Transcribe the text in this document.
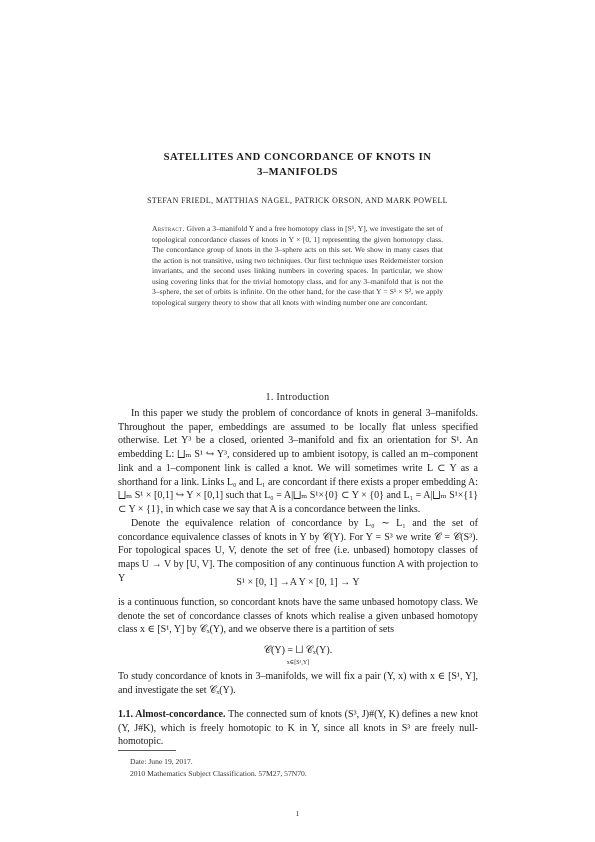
SATELLITES AND CONCORDANCE OF KNOTS IN
3–MANIFOLDS
STEFAN FRIEDL, MATTHIAS NAGEL, PATRICK ORSON, AND MARK POWELL
Abstract. Given a 3–manifold Y and a free homotopy class in [S¹, Y], we investigate the set of topological concordance classes of knots in Y × [0, 1] representing the given homotopy class. The concordance group of knots in the 3–sphere acts on this set. We show in many cases that the action is not transitive, using two techniques. Our first technique uses Reidemeister torsion invariants, and the second uses linking numbers in covering spaces. In particular, we show using covering links that for the trivial homotopy class, and for any 3–manifold that is not the 3–sphere, the set of orbits is infinite. On the other hand, for the case that Y = S¹ × S², we apply topological surgery theory to show that all knots with winding number one are concordant.
1. Introduction
In this paper we study the problem of concordance of knots in general 3–manifolds. Throughout the paper, embeddings are assumed to be locally flat unless specified otherwise. Let Y³ be a closed, oriented 3–manifold and fix an orientation for S¹. An embedding L: ⨆ₘ S¹ ↪ Y³, considered up to ambient isotopy, is called an m–component link and a 1–component link is called a knot. We will sometimes write L ⊂ Y as a shorthand for a link. Links L₀ and L₁ are concordant if there exists a proper embedding A: ⨆ₘ S¹ × [0,1] ↪ Y × [0,1] such that L₀ = A|⨆ₘ S¹×{0} ⊂ Y × {0} and L₁ = A|⨆ₘ S¹×{1} ⊂ Y × {1}, in which case we say that A is a concordance between the links.
Denote the equivalence relation of concordance by L₀ ∼ L₁ and the set of concordance equivalence classes of knots in Y by 𝒞(Y). For Y = S³ we write 𝒞 = 𝒞(S³). For topological spaces U, V, denote the set of free (i.e. unbased) homotopy classes of maps U → V by [U, V]. The composition of any continuous function A with projection to Y	S¹ × [0, 1] →A Y × [0, 1] → Y
is a continuous function, so concordant knots have the same unbased homotopy class. We denote the set of concordance classes of knots which realise a given unbased homotopy class x ∈ [S¹, Y] by 𝒞ₓ(Y), and we observe there is a partition of sets
𝒞(Y) = ⨆ 𝒞ₓ(Y).
x∈[S¹,Y]
To study concordance of knots in 3–manifolds, we will fix a pair (Y, x) with x ∈ [S¹, Y], and investigate the set 𝒞ₓ(Y).
1.1. Almost-concordance. The connected sum of knots (S³, J)#(Y, K) defines a new knot (Y, J#K), which is freely homotopic to K in Y, since all knots in S³ are freely null-homotopic.
Date: June 19, 2017.
2010 Mathematics Subject Classification. 57M27, 57N70.
1
